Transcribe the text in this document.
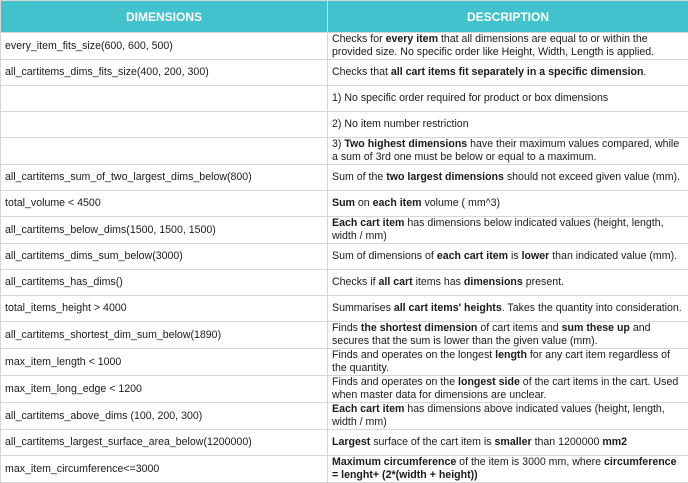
DIMENSIONS	DESCRIPTION
every_item_fits_size(600, 600, 500)	Checks for every item that all dimensions are equal to or within the provided size. No specific order like Height, Width, Length is applied.
all_cartitems_dims_fits_size(400, 200, 300)	Checks that all cart items fit separately in a specific dimension.
	1) No specific order required for product or box dimensions
	2) No item number restriction
	3) Two highest dimensions have their maximum values compared, while a sum of 3rd one must be below or equal to a maximum.
all_cartitems_sum_of_two_largest_dims_below(800)	Sum of the two largest dimensions should not exceed given value (mm).
total_volume < 4500	Sum on each item volume ( mm^3)
all_cartitems_below_dims(1500, 1500, 1500)	Each cart item has dimensions below indicated values (height, length, width / mm)
all_cartitems_dims_sum_below(3000)	Sum of dimensions of each cart item is lower than indicated value (mm).
all_cartitems_has_dims()	Checks if all cart items has dimensions present.
total_items_height > 4000	Summarises all cart items' heights. Takes the quantity into consideration.
all_cartitems_shortest_dim_sum_below(1890)	Finds the shortest dimension of cart items and sum these up and secures that the sum is lower than the given value (mm).
max_item_length < 1000	Finds and operates on the longest length for any cart item regardless of the quantity.
max_item_long_edge < 1200	Finds and operates on the longest side of the cart items in the cart. Used when master data for dimensions are unclear.
all_cartitems_above_dims (100, 200, 300)	Each cart item has dimensions above indicated values (height, length, width / mm)
all_cartitems_largest_surface_area_below(1200000)	Largest surface of the cart item is smaller than 1200000 mm2
max_item_circumference<=3000	Maximum circumference of the item is 3000 mm, where circumference = lenght+ (2*(width + height))
